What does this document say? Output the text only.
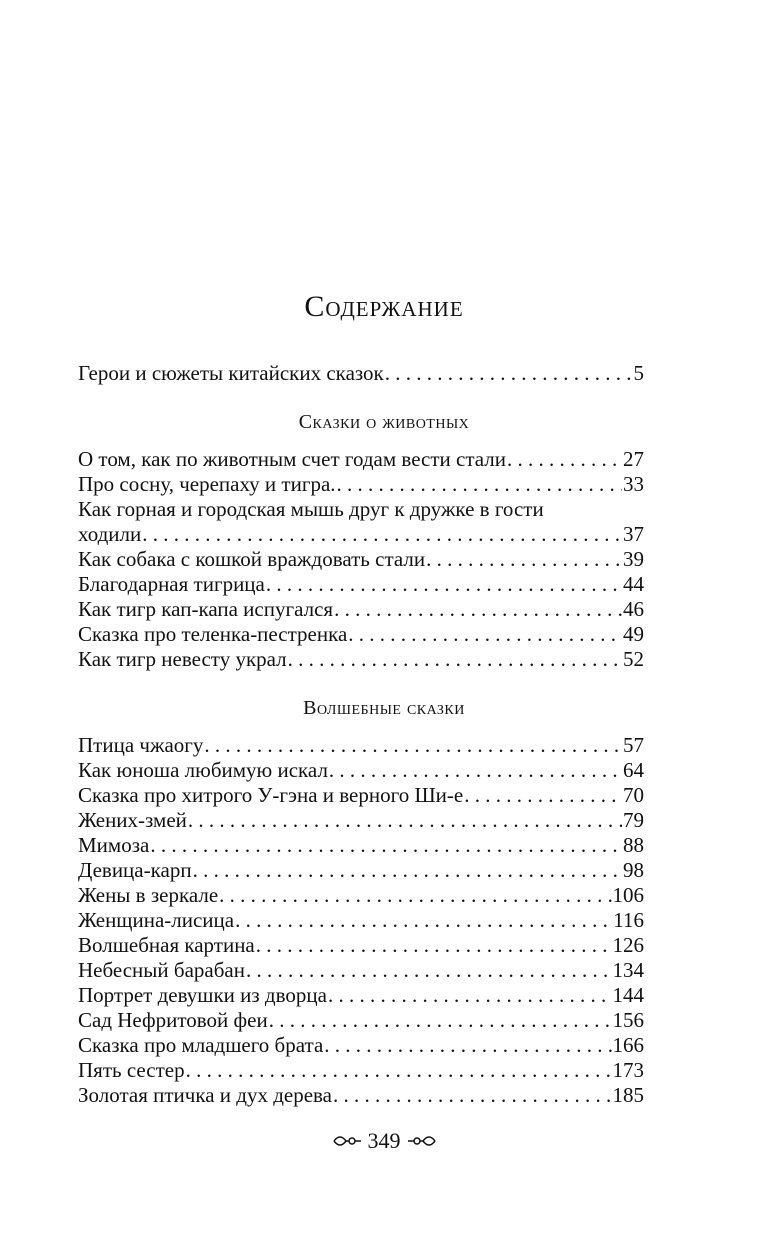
Содержание
Герои и сюжеты китайских сказок . . .	5
Сказки о животных
О том, как по животным счет годам вести стали . . .	27
Про сосну, черепаху и тигра. . . .	33
Как горная и городская мышь друг к дружке в гости
ходили . . .	37
Как собака с кошкой враждовать стали . . .	39
Благодарная тигрица . . .	44
Как тигр кап-капа испугался . . .	46
Сказка про теленка-пестренка . . .	49
Как тигр невесту украл . . .	52
Волшебные сказки
Птица чжаогу . . .	57
Как юноша любимую искал . . .	64
Сказка про хитрого У-гэна и верного Ши-е . . .	70
Жених-змей . . .	79
Мимоза . . .	88
Девица-карп . . .	98
Жены в зеркале . . .	106
Женщина-лисица . . .	116
Волшебная картина . . .	126
Небесный барабан . . .	134
Портрет девушки из дворца . . .	144
Сад Нефритовой феи . . .	156
Сказка про младшего брата . . .	166
Пять сестер . . .	173
Золотая птичка и дух дерева . . .	185
349
